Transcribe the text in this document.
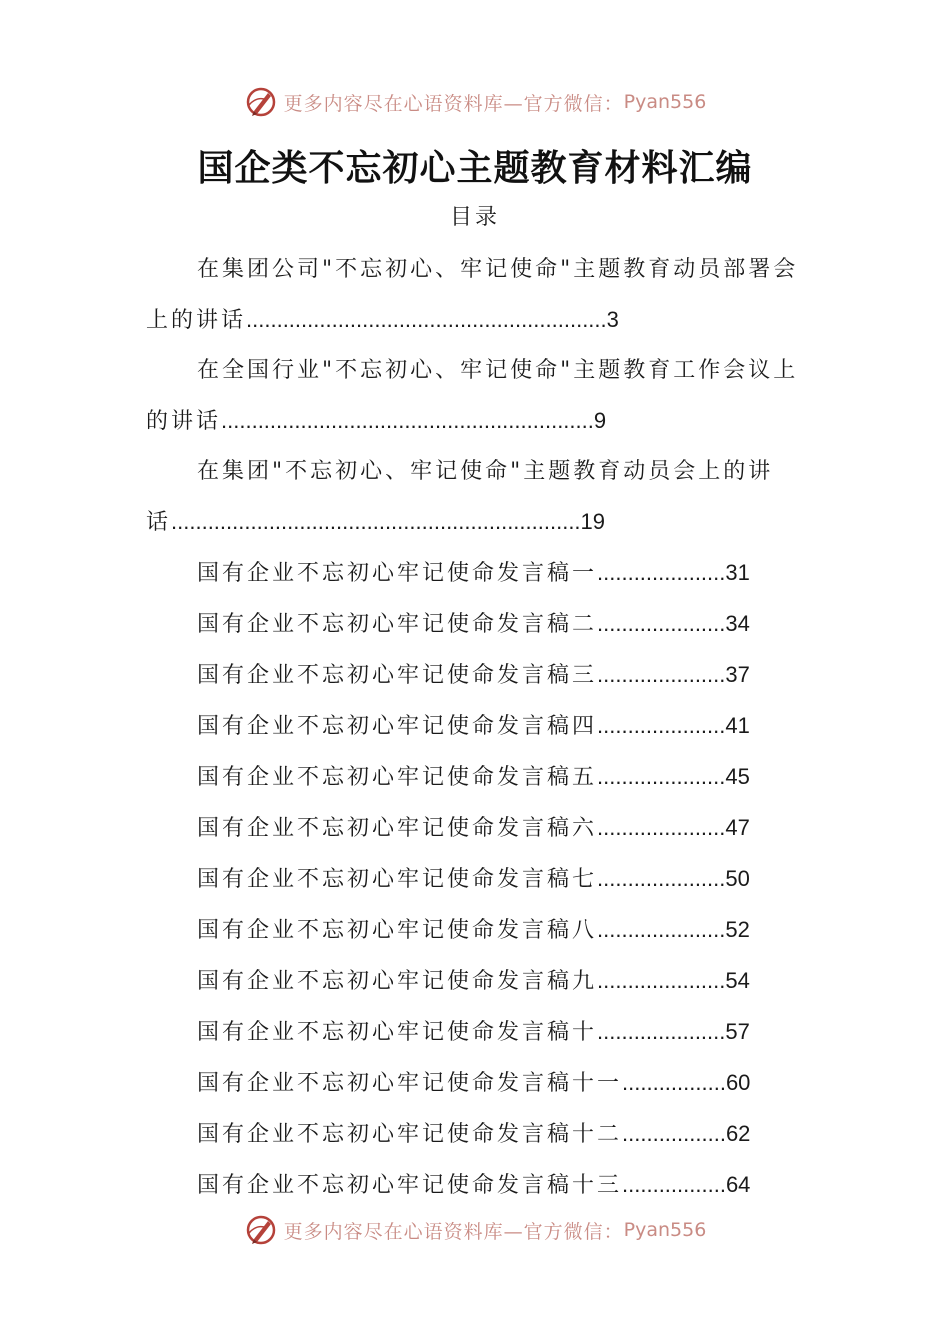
更多内容尽在心语资料库—官方微信： Pyan556
国企类不忘初心主题教育材料汇编
目录
在集团公司"不忘初心、牢记使命"主题教育动员部署会
上的讲话...........................................................3
在全国行业"不忘初心、牢记使命"主题教育工作会议上
的讲话.............................................................9
在集团"不忘初心、牢记使命"主题教育动员会上的讲
话...................................................................19
国有企业不忘初心牢记使命发言稿一.....................31
国有企业不忘初心牢记使命发言稿二.....................34
国有企业不忘初心牢记使命发言稿三.....................37
国有企业不忘初心牢记使命发言稿四.....................41
国有企业不忘初心牢记使命发言稿五.....................45
国有企业不忘初心牢记使命发言稿六.....................47
国有企业不忘初心牢记使命发言稿七.....................50
国有企业不忘初心牢记使命发言稿八.....................52
国有企业不忘初心牢记使命发言稿九.....................54
国有企业不忘初心牢记使命发言稿十.....................57
国有企业不忘初心牢记使命发言稿十一.................60
国有企业不忘初心牢记使命发言稿十二.................62
国有企业不忘初心牢记使命发言稿十三.................64
更多内容尽在心语资料库—官方微信： Pyan556
